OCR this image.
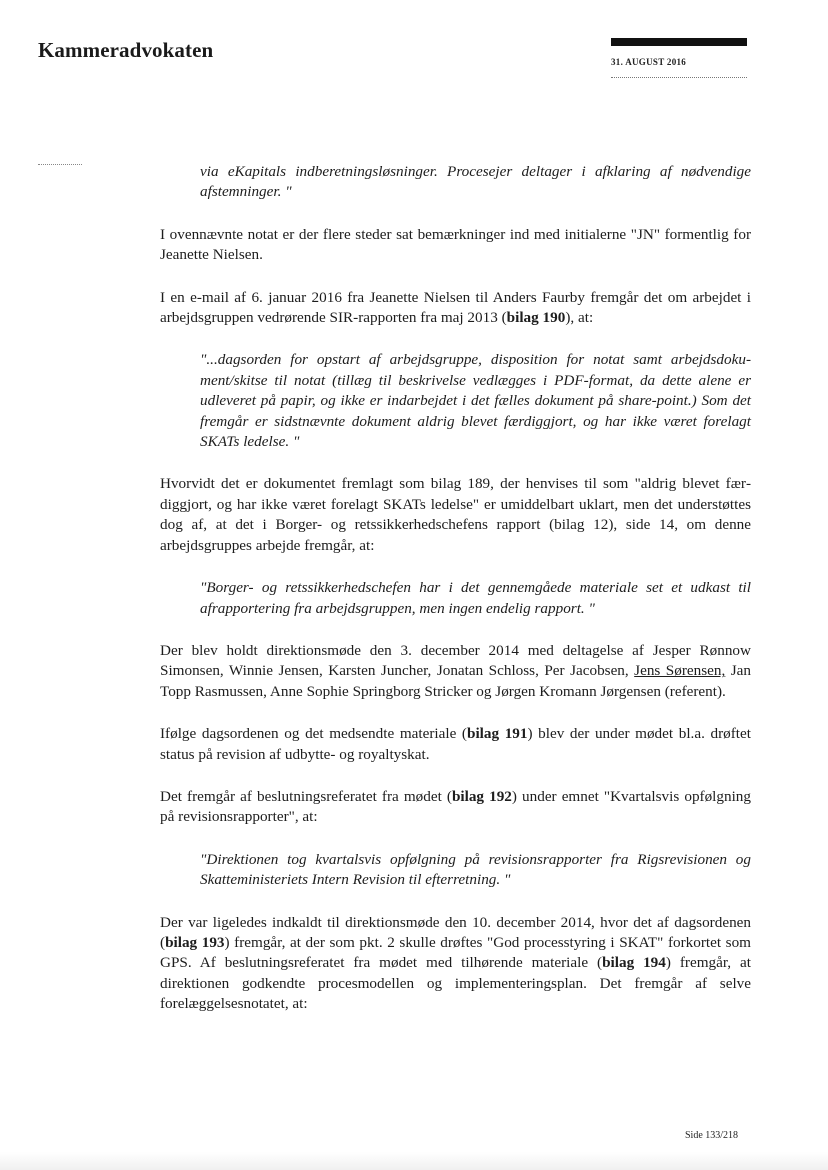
Kammeradvokaten	31. AUGUST 2016

via eKapitals indberetningsløsninger. Procesejer deltager i afklaring af nødvendige afstemninger. "

I ovennævnte notat er der flere steder sat bemærkninger ind med initialerne "JN" formentlig for Jeanette Nielsen.

I en e-mail af 6. januar 2016 fra Jeanette Nielsen til Anders Faurby fremgår det om arbejdet i arbejdsgruppen vedrørende SIR-rapporten fra maj 2013 (bilag 190), at:

"...dagsorden for opstart af arbejdsgruppe, disposition for notat samt arbejdsdokument/skitse til notat (tillæg til beskrivelse vedlægges i PDF-format, da dette alene er udleveret på papir, og ikke er indarbejdet i det fælles dokument på share-point.) Som det fremgår er sidstnævnte dokument aldrig blevet færdiggjort, og har ikke været forelagt SKATs ledelse. "

Hvorvidt det er dokumentet fremlagt som bilag 189, der henvises til som "aldrig blevet færdiggjort, og har ikke været forelagt SKATs ledelse" er umiddelbart uklart, men det understøttes dog af, at det i Borger- og retssikkerhedschefens rapport (bilag 12), side 14, om denne arbejdsgruppes arbejde fremgår, at:

"Borger- og retssikkerhedschefen har i det gennemgåede materiale set et udkast til afrapportering fra arbejdsgruppen, men ingen endelig rapport. "

Der blev holdt direktionsmøde den 3. december 2014 med deltagelse af Jesper Rønnow Simonsen, Winnie Jensen, Karsten Juncher, Jonatan Schloss, Per Jacobsen, Jens Sørensen, Jan Topp Rasmussen, Anne Sophie Springborg Stricker og Jørgen Kromann Jørgensen (referent).

Ifølge dagsordenen og det medsendte materiale (bilag 191) blev der under mødet bl.a. drøftet status på revision af udbytte- og royaltyskat.

Det fremgår af beslutningsreferatet fra mødet (bilag 192) under emnet "Kvartalsvis opfølgning på revisionsrapporter", at:

"Direktionen tog kvartalsvis opfølgning på revisionsrapporter fra Rigsrevisionen og Skatteministeriets Intern Revision til efterretning. "

Der var ligeledes indkaldt til direktionsmøde den 10. december 2014, hvor det af dagsordenen (bilag 193) fremgår, at der som pkt. 2 skulle drøftes "God processtyring i SKAT" forkortet som GPS. Af beslutningsreferatet fra mødet med tilhørende materiale (bilag 194) fremgår, at direktionen godkendte procesmodellen og implementeringsplan. Det fremgår af selve forelæggelsesnotatet, at:

Side 133/218
